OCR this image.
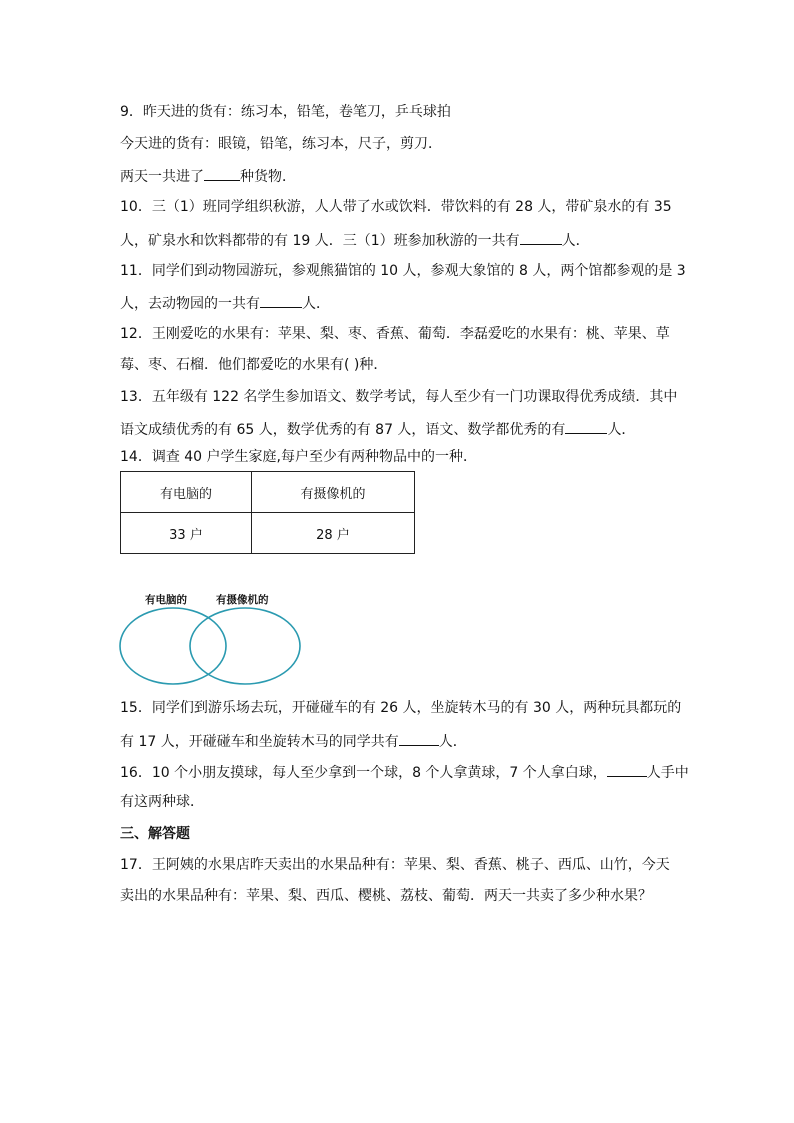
9．昨天进的货有：练习本，铅笔，卷笔刀，乒乓球拍
今天进的货有：眼镜，铅笔，练习本，尺子，剪刀．
两天一共进了	种货物．
10．三（1）班同学组织秋游，人人带了水或饮料．带饮料的有 28 人，带矿泉水的有 35
人，矿泉水和饮料都带的有 19 人．三（1）班参加秋游的一共有	人．
11．同学们到动物园游玩，参观熊猫馆的 10 人，参观大象馆的 8 人，两个馆都参观的是 3
人，去动物园的一共有	人．
12．王刚爱吃的水果有：苹果、梨、枣、香蕉、葡萄．李磊爱吃的水果有：桃、苹果、草
莓、枣、石榴．他们都爱吃的水果有( )种．
13．五年级有 122 名学生参加语文、数学考试，每人至少有一门功课取得优秀成绩．其中
语文成绩优秀的有 65 人，数学优秀的有 87 人，语文、数学都优秀的有	人．
14．调查 40 户学生家庭,每户至少有两种物品中的一种．
有电脑的	有摄像机的
33 户	28 户
有电脑的	有摄像机的
15．同学们到游乐场去玩，开碰碰车的有 26 人，坐旋转木马的有 30 人，两种玩具都玩的
有 17 人，开碰碰车和坐旋转木马的同学共有	人．
16．10 个小朋友摸球，每人至少拿到一个球，8 个人拿黄球，7 个人拿白球，	人手中
有这两种球．
三、解答题
17．王阿姨的水果店昨天卖出的水果品种有：苹果、梨、香蕉、桃子、西瓜、山竹，今天
卖出的水果品种有：苹果、梨、西瓜、樱桃、荔枝、葡萄．两天一共卖了多少种水果？
